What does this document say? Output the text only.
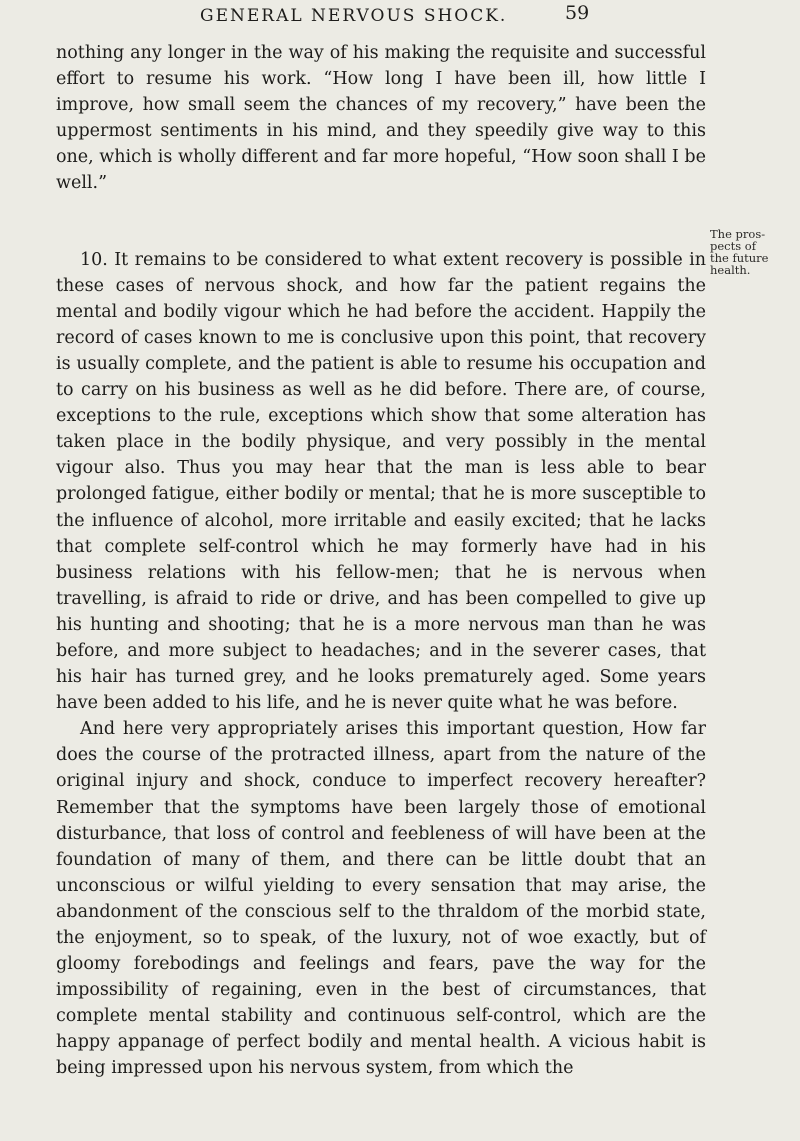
GENERAL NERVOUS SHOCK.	59

nothing any longer in the way of his making the requisite and successful effort to resume his work. “How long I have been ill, how little I improve, how small seem the chances of my recovery,” have been the uppermost sentiments in his mind, and they speedily give way to this one, which is wholly different and far more hopeful, “How soon shall I be well.”

10. It remains to be considered to what extent recovery is possible in these cases of nervous shock, and how far the patient regains the mental and bodily vigour which he had before the accident. Happily the record of cases known to me is conclusive upon this point, that recovery is usually complete, and the patient is able to resume his occupation and to carry on his business as well as he did before. There are, of course, exceptions to the rule, exceptions which show that some alteration has taken place in the bodily physique, and very possibly in the mental vigour also. Thus you may hear that the man is less able to bear prolonged fatigue, either bodily or mental; that he is more susceptible to the influence of alcohol, more irritable and easily excited; that he lacks that complete self-control which he may formerly have had in his business relations with his fellow-men; that he is nervous when travelling, is afraid to ride or drive, and has been compelled to give up his hunting and shooting; that he is a more nervous man than he was before, and more subject to headaches; and in the severer cases, that his hair has turned grey, and he looks prematurely aged. Some years have been added to his life, and he is never quite what he was before.

And here very appropriately arises this important question, How far does the course of the protracted illness, apart from the nature of the original injury and shock, conduce to imperfect recovery hereafter? Remember that the symptoms have been largely those of emotional disturbance, that loss of control and feebleness of will have been at the foundation of many of them, and there can be little doubt that an unconscious or wilful yielding to every sensation that may arise, the abandonment of the conscious self to the thraldom of the morbid state, the enjoyment, so to speak, of the luxury, not of woe exactly, but of gloomy forebodings and feelings and fears, pave the way for the impossibility of regaining, even in the best of circumstances, that complete mental stability and continuous self-control, which are the happy appanage of perfect bodily and mental health. A vicious habit is being impressed upon his nervous system, from which the

The pros-
pects of
the future
health.
